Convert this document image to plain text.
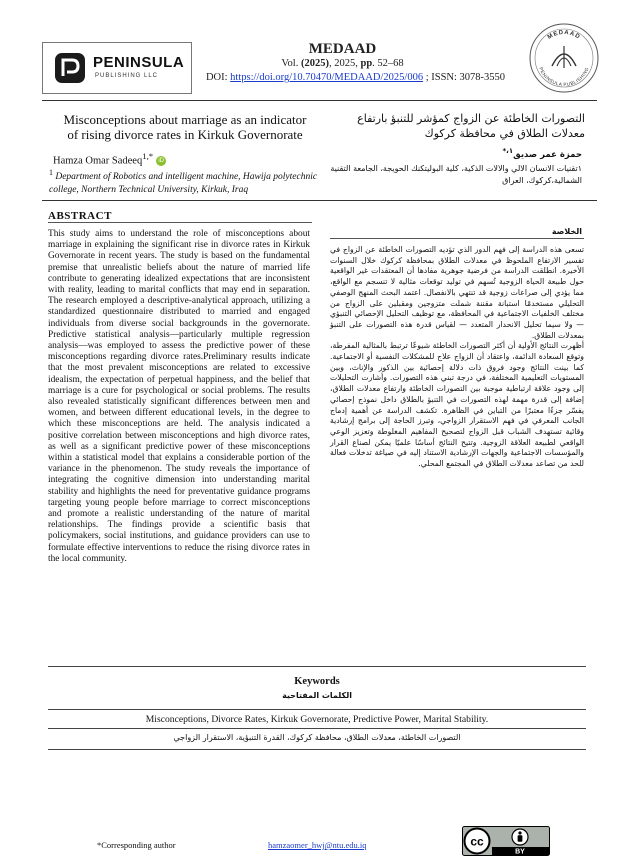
PENINSULA
PUBLISHING LLC
MEDAAD
Vol. (2025), 2025, pp. 52–68
DOI: https://doi.org/10.70470/MEDAAD/2025/006 ; ISSN: 3078-3550
MEDAAD
PENINSULA PUBLISHING
Misconceptions about marriage as an indicator of rising divorce rates in Kirkuk Governorate
التصورات الخاطئة عن الزواج كمؤشر للتنبؤ بارتفاع معدلات الطلاق في محافظة كركوك
Hamza Omar Sadeeq$^{1,*}$iD
$^1$ Department of Robotics and intelligent machine, Hawija polytechnic college, Northern Technical University, Kirkuk, Iraq
حمزة عمر صديق$^{١،*}$
١تقنيات الانسان الالي والالات الذكية، كلية البوليتكنك الحويجة، الجامعة التقنية الشمالية،كركوك، العراق
ABSTRACT
This study aims to understand the role of misconceptions about marriage in explaining the significant rise in divorce rates in Kirkuk Governorate in recent years. The study is based on the fundamental premise that unrealistic beliefs about the nature of married life contribute to generating idealized expectations that are inconsistent with reality, leading to marital conflicts that may end in separation. The research employed a descriptive-analytical approach, utilizing a standardized questionnaire distributed to married and engaged individuals from diverse social backgrounds in the governorate. Predictive statistical analysis—particularly multiple regression analysis—was employed to assess the predictive power of these misconceptions regarding divorce rates.Preliminary results indicate that the most prevalent misconceptions are related to excessive idealism, the expectation of perpetual happiness, and the belief that marriage is a cure for psychological or social problems. The results also revealed statistically significant differences between men and women, and between different educational levels, in the degree to which these misconceptions are held. The analysis indicated a positive correlation between misconceptions and high divorce rates, as well as a significant predictive power of these misconceptions within a statistical model that explains a considerable portion of the variance in the phenomenon. The study reveals the importance of integrating the cognitive dimension into understanding marital stability and highlights the need for preventative guidance programs targeting young people before marriage to correct misconceptions and promote a realistic understanding of the nature of marital relationships. The findings provide a scientific basis that policymakers, social institutions, and guidance providers can use to formulate effective interventions to reduce the rising divorce rates in the local community.
الخلاصة

تسعى هذه الدراسة إلى فهم الدور الذي تؤديه التصورات الخاطئة عن الزواج في تفسير الارتفاع الملحوظ في معدلات الطلاق بمحافظة كركوك خلال السنوات الأخيرة. انطلقت الدراسة من فرضية جوهرية مفادها أن المعتقدات غير الواقعية حول طبيعة الحياة الزوجية تُسهم في توليد توقعات مثالية لا تنسجم مع الواقع، مما يؤدي إلى صراعات زوجية قد تنتهي بالانفصال. اعتمد البحث المنهج الوصفي التحليلي مستخدمًا استبانة مقننة شملت متزوجين ومقبلين على الزواج من مختلف الخلفيات الاجتماعية في المحافظة، مع توظيف التحليل الإحصائي التنبؤي — ولا سيما تحليل الانحدار المتعدد — لقياس قدرة هذه التصورات على التنبؤ بمعدلات الطلاق.

أظهرت النتائج الأولية أن أكثر التصورات الخاطئة شيوعًا ترتبط بالمثالية المفرطة، وتوقع السعادة الدائمة، واعتقاد أن الزواج علاج للمشكلات النفسية أو الاجتماعية. كما بينت النتائج وجود فروق ذات دلالة إحصائية بين الذكور والإناث، وبين المستويات التعليمية المختلفة، في درجة تبني هذه التصورات. وأشارت التحليلات إلى وجود علاقة ارتباطية موجبة بين التصورات الخاطئة وارتفاع معدلات الطلاق، إضافة إلى قدرة مهمة لهذه التصورات في التنبؤ بالطلاق داخل نموذج إحصائي يفسّر جزءًا معتبرًا من التباين في الظاهرة. تكشف الدراسة عن أهمية إدماج الجانب المعرفي في فهم الاستقرار الزواجي، وتبرز الحاجة إلى برامج إرشادية وقائية تستهدف الشباب قبل الزواج لتصحيح المفاهيم المغلوطة وتعزيز الوعي الواقعي لطبيعة العلاقة الزوجية. وتتيح النتائج أساسًا علميًا يمكن لصناع القرار والمؤسسات الاجتماعية والجهات الإرشادية الاستناد إليه في صياغة تدخلات فعالة للحد من تصاعد معدلات الطلاق في المجتمع المحلي.

Keywords
الكلمات المفتاحية
Misconceptions, Divorce Rates, Kirkuk Governorate, Predictive Power, Marital Stability.
التصورات الخاطئة، معدلات الطلاق، محافظة كركوك، القدرة التنبؤية، الاستقرار الزواجي
*Corresponding author	hamzaomer_hwj@ntu.edu.iq	cc
BY
